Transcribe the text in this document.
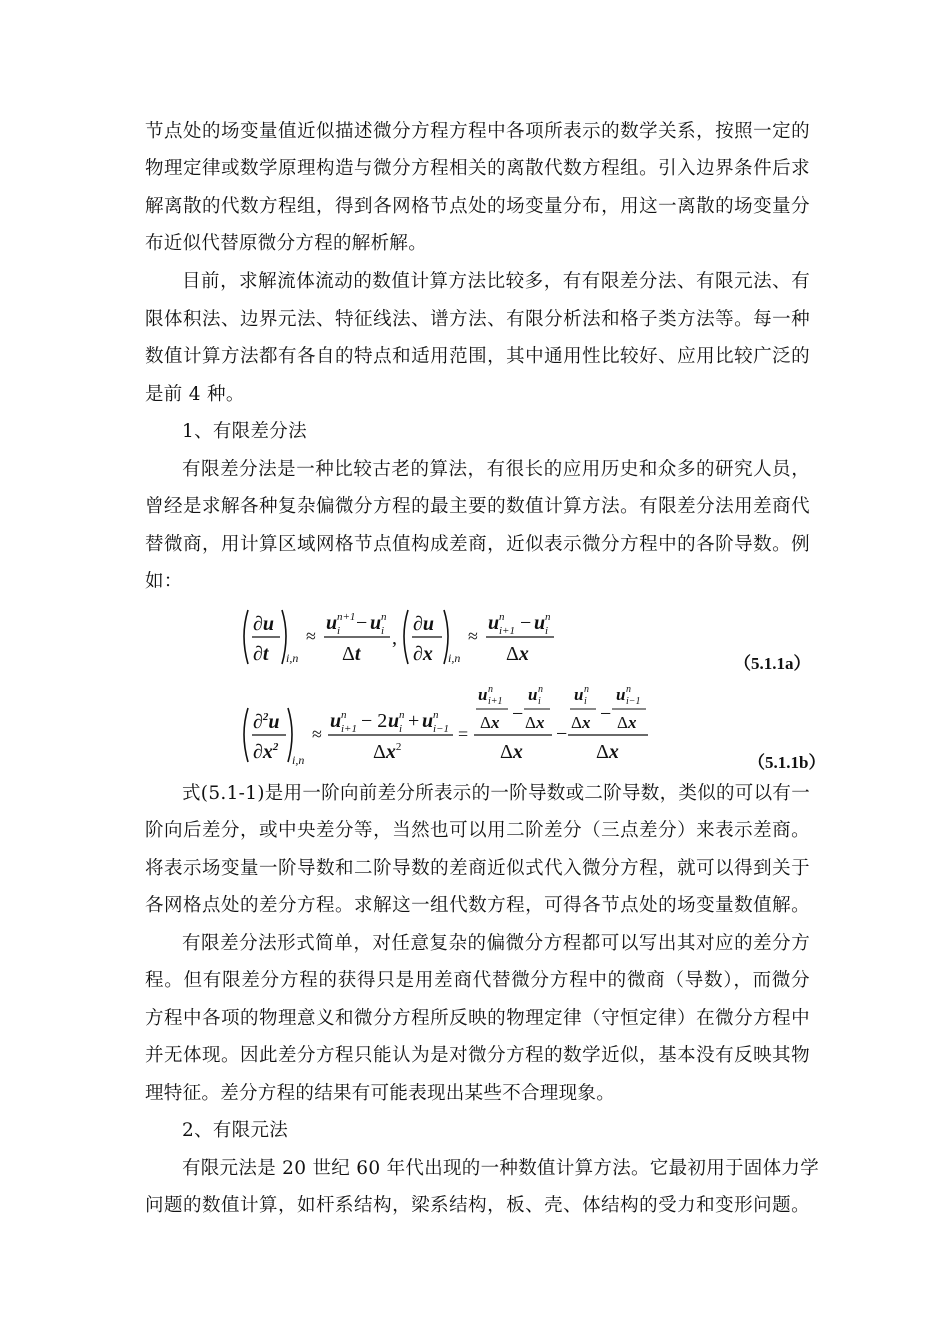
节点处的场变量值近似描述微分方程方程中各项所表示的数学关系，按照一定的
物理定律或数学原理构造与微分方程相关的离散代数方程组。引入边界条件后求
解离散的代数方程组，得到各网格节点处的场变量分布，用这一离散的场变量分
布近似代替原微分方程的解析解。
目前，求解流体流动的数值计算方法比较多，有有限差分法、有限元法、有
限体积法、边界元法、特征线法、谱方法、有限分析法和格子类方法等。每一种
数值计算方法都有各自的特点和适用范围，其中通用性比较好、应用比较广泛的
是前 4 种。
1、有限差分法
有限差分法是一种比较古老的算法，有很长的应用历史和众多的研究人员，
曾经是求解各种复杂偏微分方程的最主要的数值计算方法。有限差分法用差商代
替微商，用计算区域网格节点值构成差商，近似表示微分方程中的各阶导数。例
如：
∂u
∂t i,n
≈
u n+1
i − u n
i
Δt
,
∂u
∂x i,n
≈
u n
i+1 − u n
i
Δx	（5.1.1a）
∂$^2$u
$\partial x^2$
i,n
≈
u n
i+1 − 2 u n
i + u n
i−1
$\Delta x^2$
=
u n
i+1
Δx −
u n
i
Δx
Δx
−
u n
i
Δx −
u n
i−1
Δx
Δx	（5.1.1b）
式(5.1-1)是用一阶向前差分所表示的一阶导数或二阶导数，类似的可以有一
阶向后差分，或中央差分等，当然也可以用二阶差分（三点差分）来表示差商。
将表示场变量一阶导数和二阶导数的差商近似式代入微分方程，就可以得到关于
各网格点处的差分方程。求解这一组代数方程，可得各节点处的场变量数值解。
有限差分法形式简单，对任意复杂的偏微分方程都可以写出其对应的差分方
程。但有限差分方程的获得只是用差商代替微分方程中的微商（导数），而微分
方程中各项的物理意义和微分方程所反映的物理定律（守恒定律）在微分方程中
并无体现。因此差分方程只能认为是对微分方程的数学近似，基本没有反映其物
理特征。差分方程的结果有可能表现出某些不合理现象。
2、有限元法
有限元法是 20 世纪 60 年代出现的一种数值计算方法。它最初用于固体力学
问题的数值计算，如杆系结构，梁系结构，板、壳、体结构的受力和变形问题。
